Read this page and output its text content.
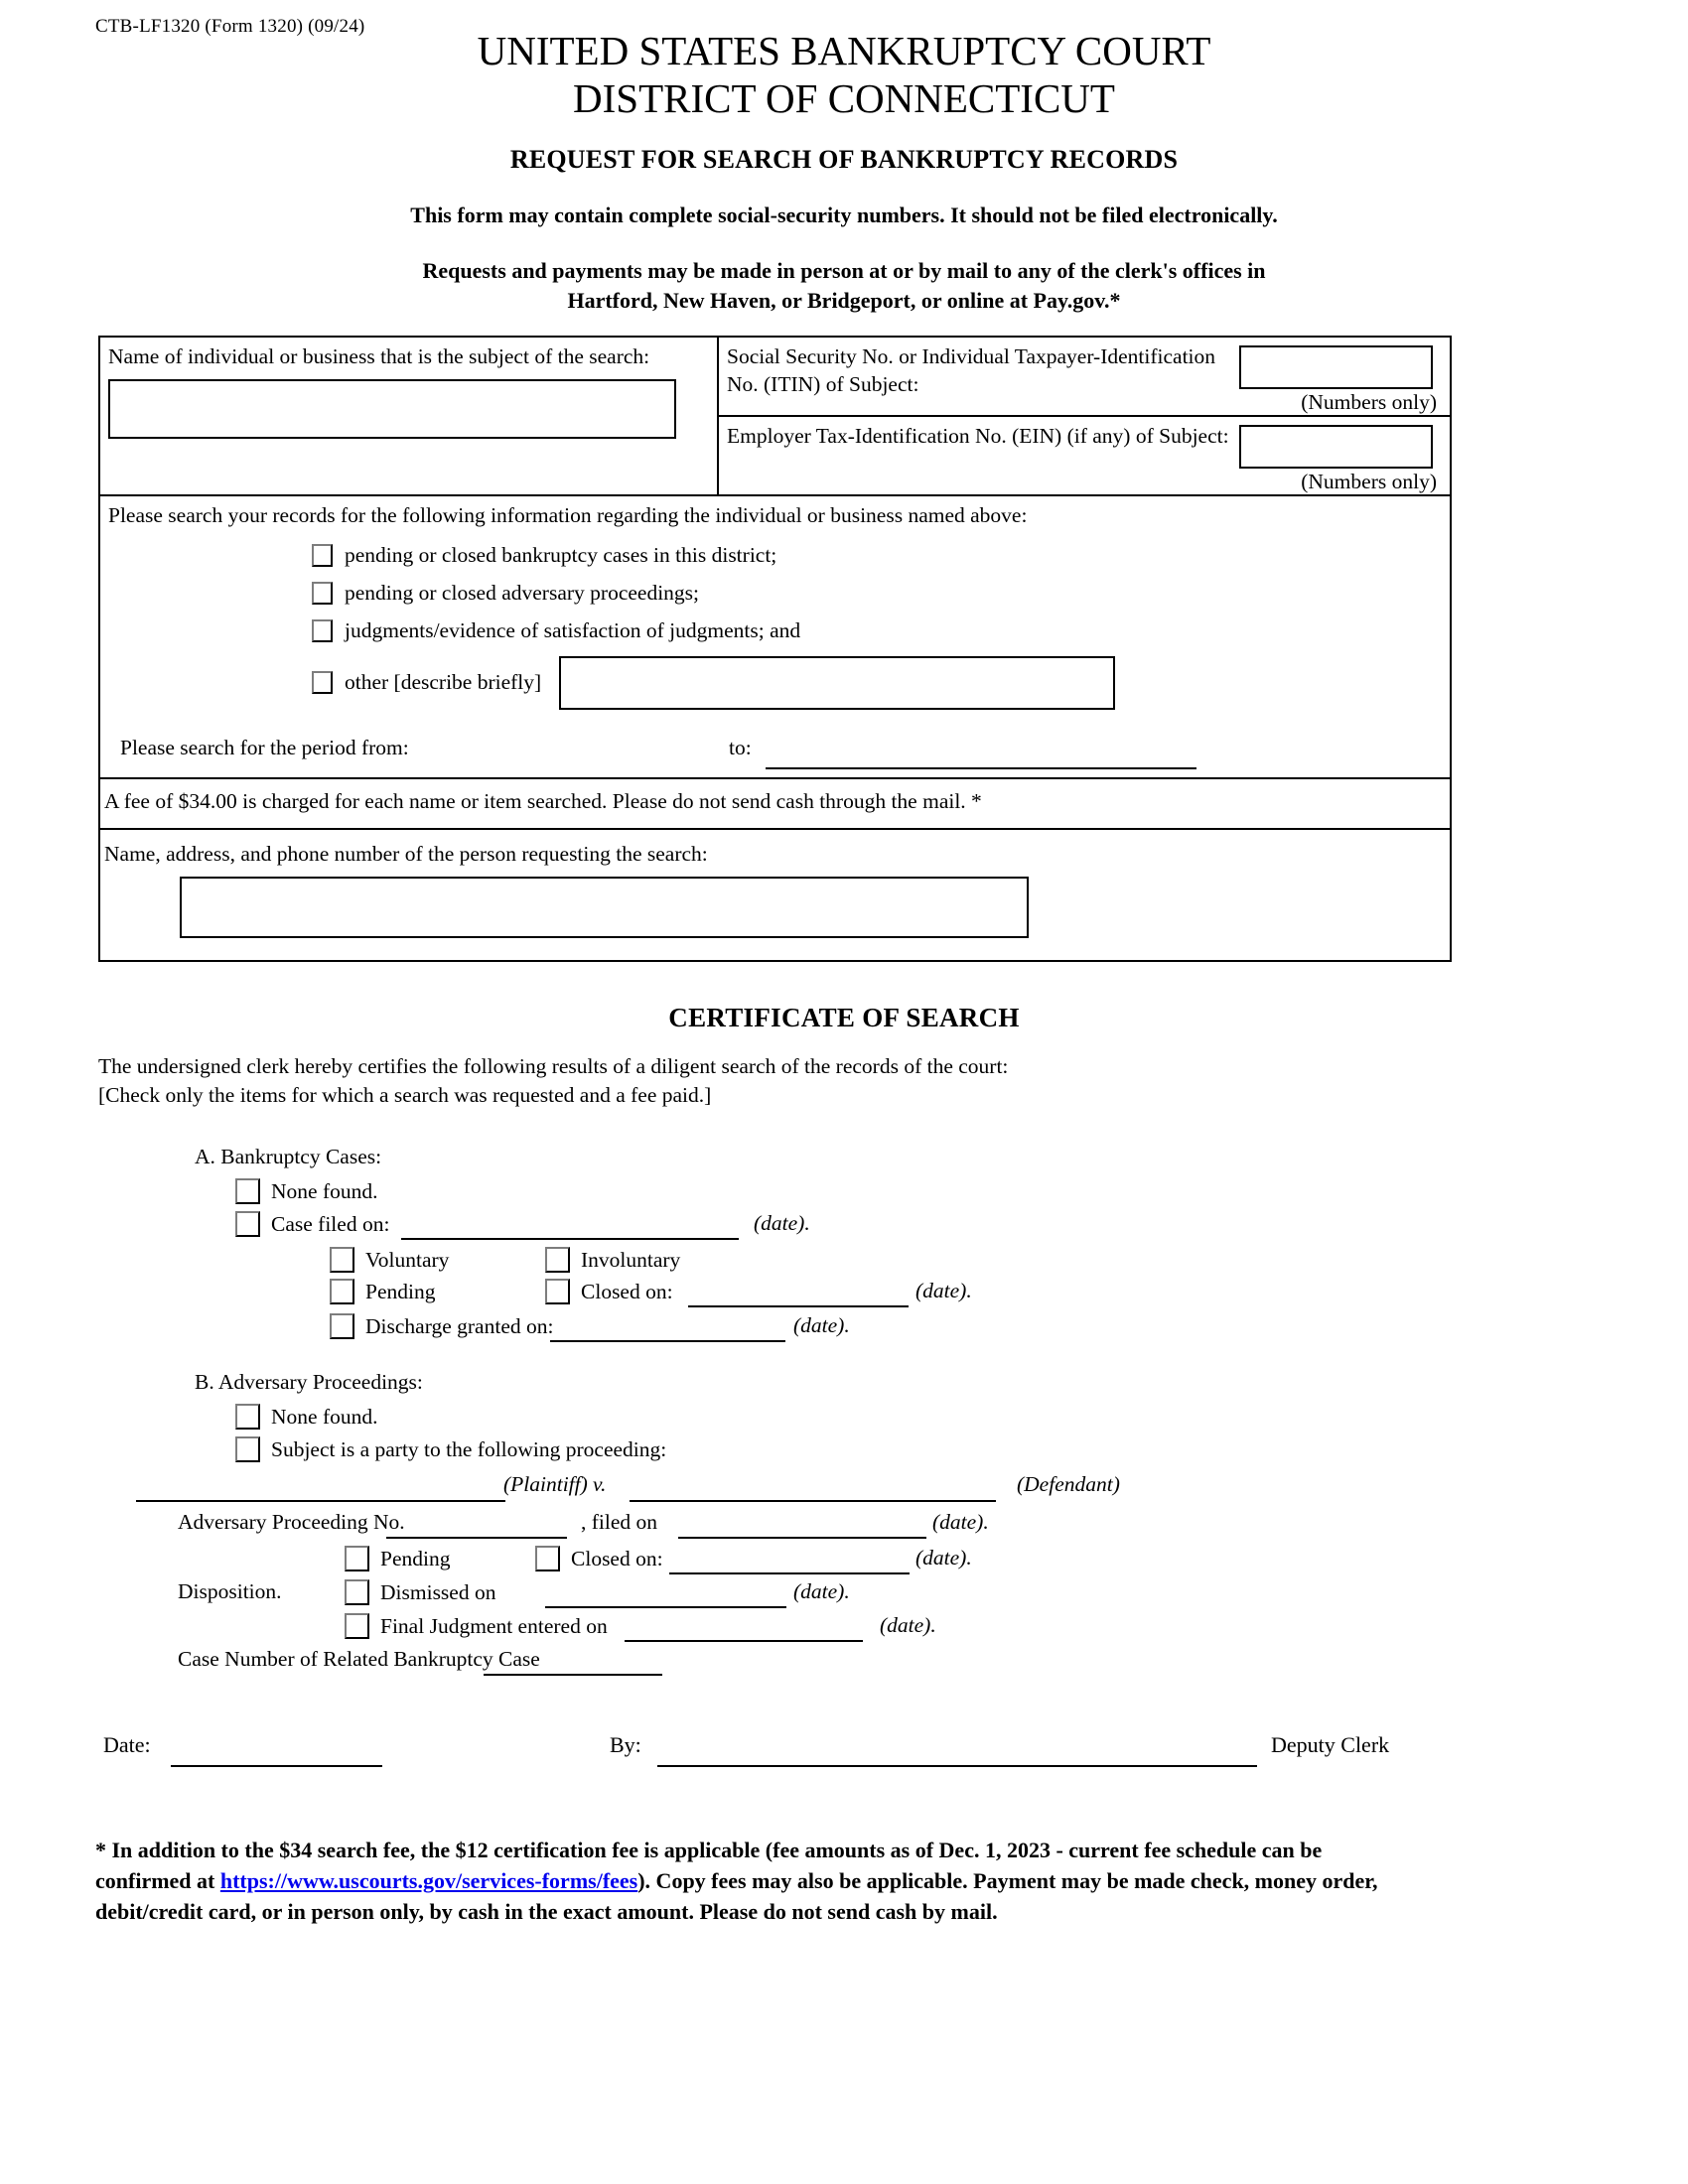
CTB-LF1320 (Form 1320) (09/24)
UNITED STATES BANKRUPTCY COURT
DISTRICT OF CONNECTICUT
REQUEST FOR SEARCH OF BANKRUPTCY RECORDS
This form may contain complete social-security numbers. It should not be filed electronically.
Requests and payments may be made in person at or by mail to any of the clerk's offices in
Hartford, New Haven, or Bridgeport, or online at Pay.gov.*
Name of individual or business that is the subject of the search:	Social Security No. or Individual Taxpayer-Identification No. (ITIN) of Subject:
(Numbers only)
Employer Tax-Identification No. (EIN) (if any) of Subject:
(Numbers only)
Please search your records for the following information regarding the individual or business named above:
pending or closed bankruptcy cases in this district;
pending or closed adversary proceedings;
judgments/evidence of satisfaction of judgments; and
other [describe briefly]
Please search for the period from:	to:
A fee of $34.00 is charged for each name or item searched. Please do not send cash through the mail. *
Name, address, and phone number of the person requesting the search:
CERTIFICATE OF SEARCH
The undersigned clerk hereby certifies the following results of a diligent search of the records of the court:
[Check only the items for which a search was requested and a fee paid.]
A. Bankruptcy Cases:
None found.
Case filed on:	(date).
Voluntary	Involuntary
Pending	Closed on:	(date).
Discharge granted on:	(date).
B. Adversary Proceedings:
None found.
Subject is a party to the following proceeding:
(Plaintiff) v.	(Defendant)
Adversary Proceeding No.	, filed on	(date).
Pending	Closed on:	(date).
Disposition.	Dismissed on	(date).
Final Judgment entered on	(date).
Case Number of Related Bankruptcy Case
Date:	By:	Deputy Clerk
* In addition to the $34 search fee, the $12 certification fee is applicable (fee amounts as of Dec. 1, 2023 - current fee schedule can be confirmed at https://www.uscourts.gov/services-forms/fees). Copy fees may also be applicable. Payment may be made check, money order, debit/credit card, or in person only, by cash in the exact amount. Please do not send cash by mail.
